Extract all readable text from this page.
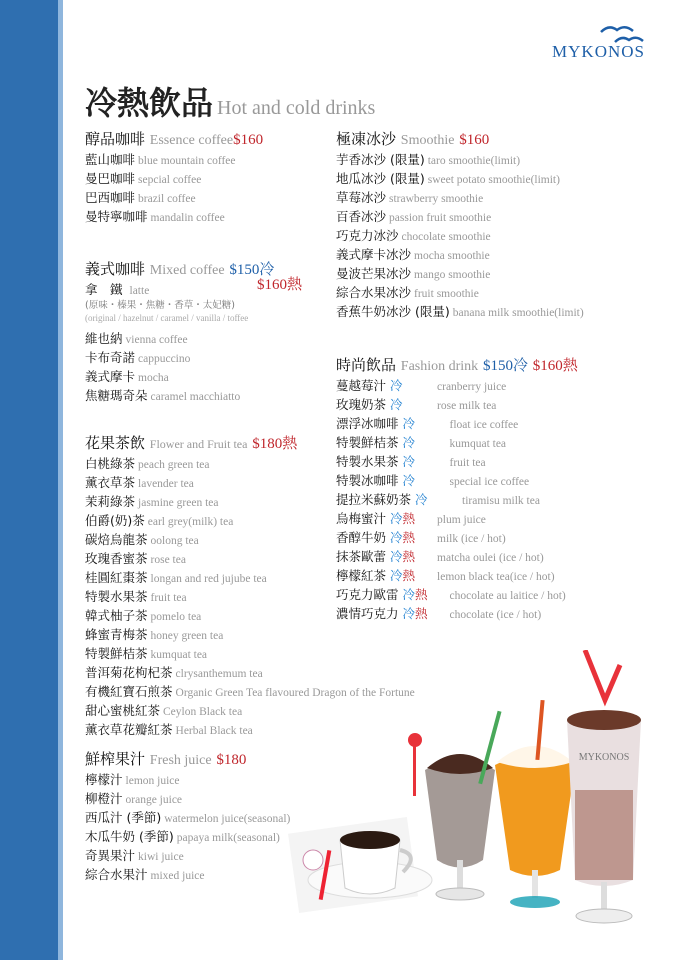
MYKONOS
冷熱飲品 Hot and cold drinks
醇品咖啡 Essence coffee$160
藍山咖啡 blue mountain coffee
曼巴咖啡 sepcial coffee
巴西咖啡 brazil coffee
曼特寧咖啡 mandalin coffee
義式咖啡 Mixed coffee $150冷
拿　鐵 latte	$160熱
(原味・榛果・焦糖・香草・太妃糖)
(original / hazelnut / caramel / vanilla / toffee
維也納 vienna coffee
卡布奇諾 cappuccino
義式摩卡 mocha
焦糖瑪奇朵 caramel macchiatto
花果茶飲 Flower and Fruit tea $180熱
白桃綠茶 peach green tea
薰衣草茶 lavender tea
茉莉綠茶 jasmine green tea
伯爵(奶)茶 earl grey(milk) tea
碳焙烏龍茶 oolong tea
玫瑰香蜜茶 rose tea
桂圓紅棗茶 longan and red jujube tea
特製水果茶 fruit tea
韓式柚子茶 pomelo tea
蜂蜜青梅茶 honey green tea
特製鮮桔茶 kumquat tea
普洱菊花枸杞茶 clrysanthemum tea
有機紅寶石煎茶 Organic Green Tea flavoured Dragon of the Fortune
甜心蜜桃紅茶 Ceylon Black tea
薰衣草花瓣紅茶 Herbal Black tea
鮮榨果汁 Fresh juice $180
檸檬汁 lemon juice
柳橙汁 orange juice
西瓜汁 (季節) watermelon juice(seasonal)
木瓜牛奶 (季節) papaya milk(seasonal)
奇異果汁 kiwi juice
綜合水果汁 mixed juice
極凍冰沙 Smoothie $160
芋香冰沙 (限量) taro smoothie(limit)
地瓜冰沙 (限量) sweet potato smoothie(limit)
草莓冰沙 strawberry smoothie
百香冰沙 passion fruit smoothie
巧克力冰沙 chocolate smoothie
義式摩卡冰沙 mocha smoothie
曼波芒果冰沙 mango smoothie
綜合水果冰沙 fruit smoothie
香蕉牛奶冰沙 (限量) banana milk smoothie(limit)
時尚飲品 Fashion drink $150冷 $160熱
蔓越莓汁 冷	cranberry juice
玫瑰奶茶 冷	rose milk tea
漂浮冰咖啡 冷	float ice coffee
特製鮮桔茶 冷	kumquat tea
特製水果茶 冷	fruit tea
特製冰咖啡 冷	special ice coffee
提拉米蘇奶茶 冷	tiramisu milk tea
烏梅蜜汁 冷熱 plum juice
香醇牛奶 冷熱 milk (ice / hot)
抹茶歐蕾 冷熱 matcha oulei (ice / hot)
檸檬紅茶 冷熱 lemon black tea(ice / hot)
巧克力歐雷 冷熱 chocolate au laitice / hot)
濃情巧克力 冷熱 chocolate (ice / hot)
MYKONOS
